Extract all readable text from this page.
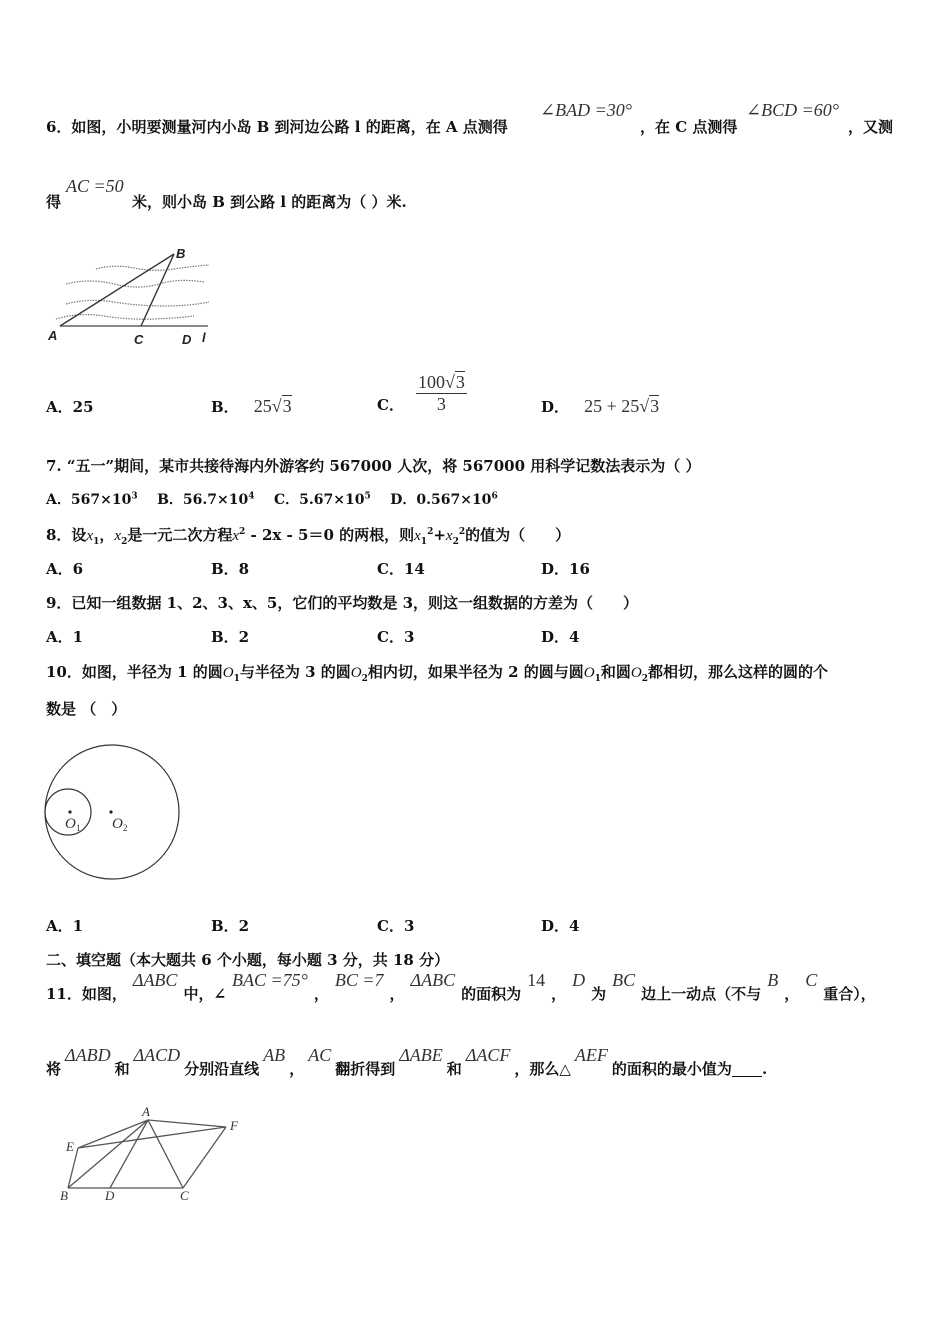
6．如图，小明要测量河内小岛 B 到河边公路 l 的距离，在 A 点测得
∠BAD =30°
，在 C 点测得
∠BCD =60°
，又测
得
AC =50
米，则小岛 B 到公路 l 的距离为（ ）米.
B
A	C	D l
A．25	B． 25√3	C． $\frac{100√3}{3}$	D． 25 + 25√3
7. “五一”期间，某市共接待海内外游客约 567000 人次，将 567000 用科学记数法表示为（ ）
A．$567\times 10^3$ B．$56.7\times 10^4$ C．$5.67\times 10^5$ D．$0.567\times 10^6$
8．设$x_1$，$x_2$是一元二次方程$x^2 - 2x - 5=0$ 的两根，则$x_1^2+x_2^2$的值为（　　）
A．6	B．8	C．14	D．16
9．已知一组数据 1、2、3、x、5，它们的平均数是 3，则这一组数据的方差为（　　）
A．1	B．2	C．3	D．4
10．如图，半径为 1 的圆$O_1$与半径为 3 的圆$O_2$相内切，如果半径为 2 的圆与圆$O_1$和圆$O_2$都相切，那么这样的圆的个
数是 （　）
O 1 O 2
A．1	B．2	C．3	D．4
二、填空题（本大题共 6 个小题，每小题 3 分，共 18 分）
11．如图，
ΔABC
中，∠
BAC =75°
，
BC =7
，
ΔABC
的面积为
14
，
D
为
BC
边上一动点（不与
B
，
C
重合），
将
ΔABD
和
ΔACD
分别沿直线
AB
，
AC
翻折得到
ΔABE
和
ΔACF
，那么△
AEF
的面积的最小值为 .
A
F
E
B	D	C
